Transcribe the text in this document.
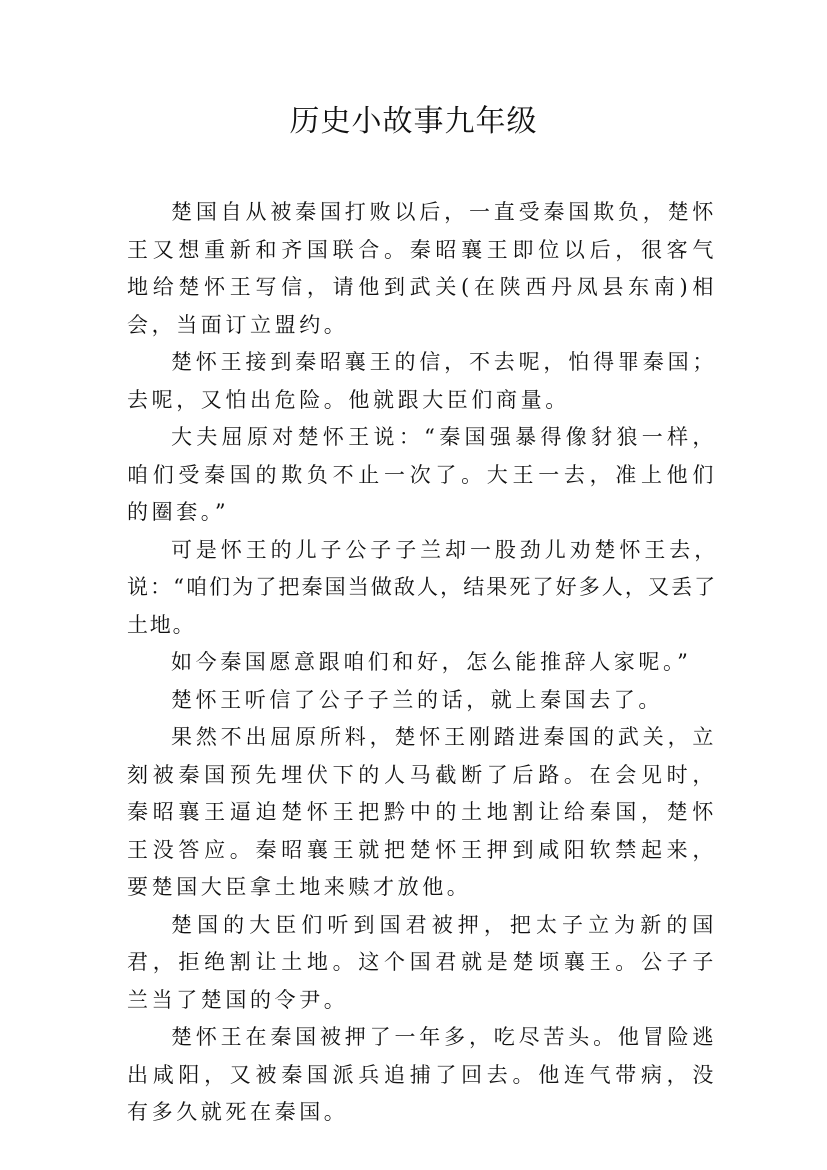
历史小故事九年级

楚国自从被秦国打败以后，一直受秦国欺负，楚怀王又想重新和齐国联合。秦昭襄王即位以后，很客气地给楚怀王写信，请他到武关(在陕西丹凤县东南)相会，当面订立盟约。

楚怀王接到秦昭襄王的信，不去呢，怕得罪秦国；去呢，又怕出危险。他就跟大臣们商量。

大夫屈原对楚怀王说：“秦国强暴得像豺狼一样，咱们受秦国的欺负不止一次了。大王一去，准上他们的圈套。”

可是怀王的儿子公子子兰却一股劲儿劝楚怀王去，说：“咱们为了把秦国当做敌人，结果死了好多人，又丢了土地。

如今秦国愿意跟咱们和好，怎么能推辞人家呢。”

楚怀王听信了公子子兰的话，就上秦国去了。

果然不出屈原所料，楚怀王刚踏进秦国的武关，立刻被秦国预先埋伏下的人马截断了后路。在会见时，秦昭襄王逼迫楚怀王把黔中的土地割让给秦国，楚怀王没答应。秦昭襄王就把楚怀王押到咸阳软禁起来，要楚国大臣拿土地来赎才放他。

楚国的大臣们听到国君被押，把太子立为新的国君，拒绝割让土地。这个国君就是楚顷襄王。公子子兰当了楚国的令尹。

楚怀王在秦国被押了一年多，吃尽苦头。他冒险逃出咸阳，又被秦国派兵追捕了回去。他连气带病，没有多久就死在秦国。
